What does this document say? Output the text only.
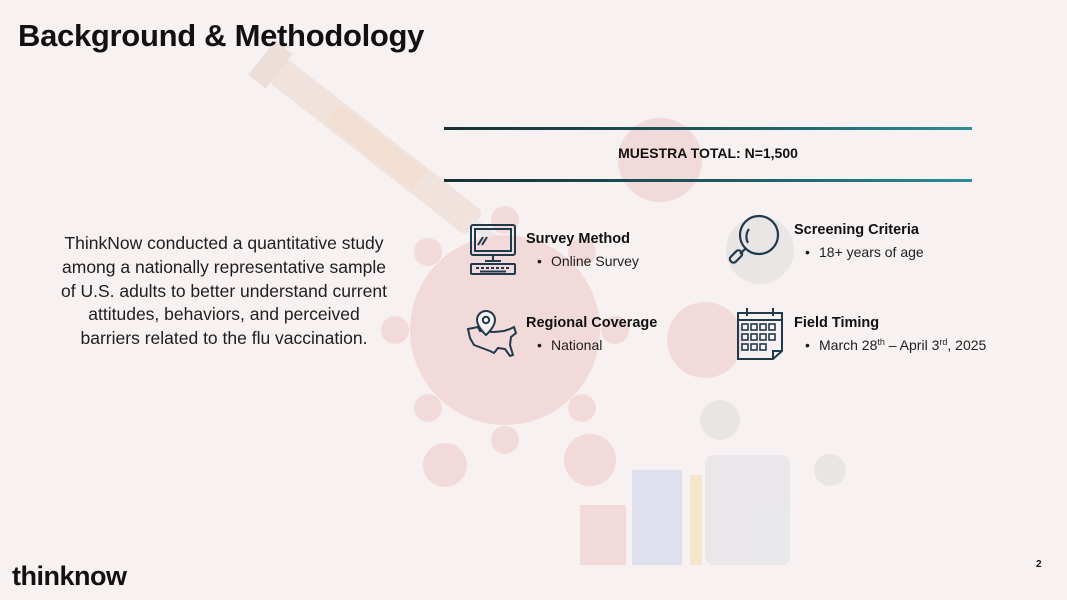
Background & Methodology
ThinkNow conducted a quantitative study among a nationally representative sample of U.S. adults to better understand current attitudes, behaviors, and perceived barriers related to the flu vaccination.
MUESTRA TOTAL: N=1,500
Survey Method
• Online Survey
Screening Criteria
• 18+ years of age
Regional Coverage
• National
Field Timing
• March 28th – April 3rd, 2025
thinknow	2
